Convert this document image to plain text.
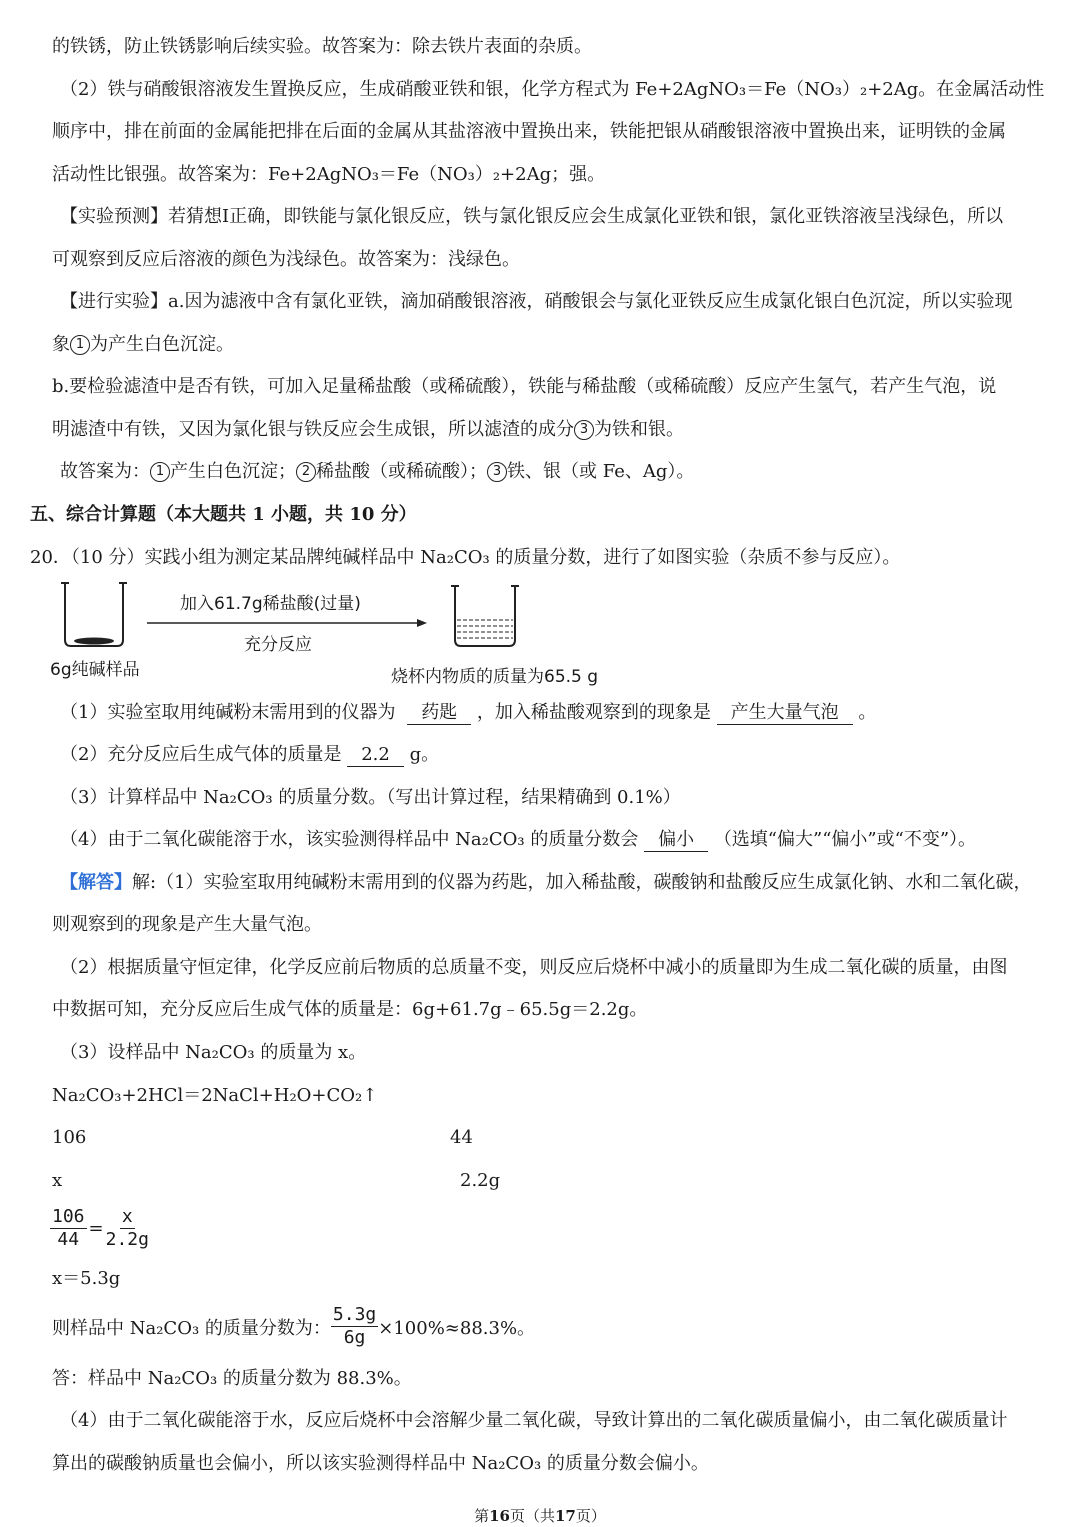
的铁锈，防止铁锈影响后续实验。故答案为：除去铁片表面的杂质。
（2）铁与硝酸银溶液发生置换反应，生成硝酸亚铁和银，化学方程式为 Fe+2AgNO₃＝Fe（NO₃）₂+2Ag。在金属活动性
顺序中，排在前面的金属能把排在后面的金属从其盐溶液中置换出来，铁能把银从硝酸银溶液中置换出来，证明铁的金属
活动性比银强。故答案为：Fe+2AgNO₃＝Fe（NO₃）₂+2Ag；强。
【实验预测】若猜想Ⅰ正确，即铁能与氯化银反应，铁与氯化银反应会生成氯化亚铁和银，氯化亚铁溶液呈浅绿色，所以
可观察到反应后溶液的颜色为浅绿色。故答案为：浅绿色。
【进行实验】a.因为滤液中含有氯化亚铁，滴加硝酸银溶液，硝酸银会与氯化亚铁反应生成氯化银白色沉淀，所以实验现
象 1 为产生白色沉淀。
b.要检验滤渣中是否有铁，可加入足量稀盐酸（或稀硫酸），铁能与稀盐酸（或稀硫酸）反应产生氢气，若产生气泡，说
明滤渣中有铁，又因为氯化银与铁反应会生成银，所以滤渣的成分 3 为铁和银。
故答案为： 1 产生白色沉淀； 2 稀盐酸（或稀硫酸）； 3 铁、银（或 Fe、Ag）。
五、综合计算题（本大题共 1 小题，共 10 分）
20．（10 分）实践小组为测定某品牌纯碱样品中 Na₂CO₃ 的质量分数，进行了如图实验（杂质不参与反应）。
加入61.7g稀盐酸(过量)
充分反应
6g纯碱样品	烧杯内物质的质量为65.5 g
（1）实验室取用纯碱粉末需用到的仪器为 药匙 ，加入稀盐酸观察到的现象是 产生大量气泡 。
（2）充分反应后生成气体的质量是 2.2 g。
（3）计算样品中 Na₂CO₃ 的质量分数。（写出计算过程，结果精确到 0.1%）
（4）由于二氧化碳能溶于水，该实验测得样品中 Na₂CO₃ 的质量分数会 偏小 （选填“偏大”“偏小”或“不变”）。
【解答】解:（1）实验室取用纯碱粉末需用到的仪器为药匙，加入稀盐酸，碳酸钠和盐酸反应生成氯化钠、水和二氧化碳，
则观察到的现象是产生大量气泡。
（2）根据质量守恒定律，化学反应前后物质的总质量不变，则反应后烧杯中减小的质量即为生成二氧化碳的质量，由图
中数据可知，充分反应后生成气体的质量是：6g+61.7g﹣65.5g＝2.2g。
（3）设样品中 Na₂CO₃ 的质量为 x。
Na₂CO₃+2HCl＝2NaCl+H₂O+CO₂↑
106	44
x	2.2g
$\frac{106}{44} = \frac{x}{2.2g}$
x＝5.3g
则样品中 Na₂CO₃ 的质量分数为： $\frac{5.3g}{6g} \times 100\%\approx 88.3\%$。
答：样品中 Na₂CO₃ 的质量分数为 88.3%。
（4）由于二氧化碳能溶于水，反应后烧杯中会溶解少量二氧化碳，导致计算出的二氧化碳质量偏小，由二氧化碳质量计
算出的碳酸钠质量也会偏小，所以该实验测得样品中 Na₂CO₃ 的质量分数会偏小。
第16页（共17页）
